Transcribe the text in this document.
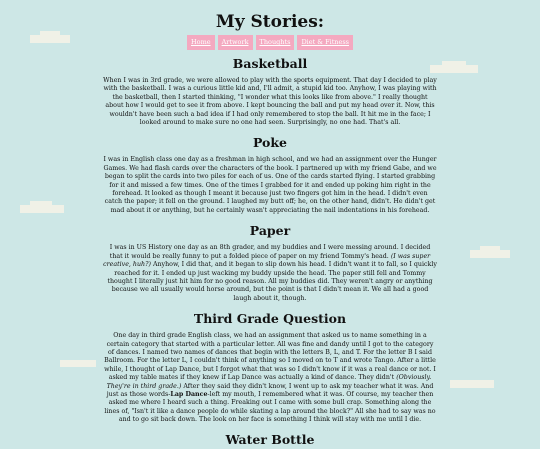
My Stories:
Home	Artwork	Thoughts	Diet & Fitness
Basketball

When I was in 3rd grade, we were allowed to play with the sports equipment. That day I decided to play with the basketball. I was a curious little kid and, I'll admit, a stupid kid too. Anyhow, I was playing with the basketball, then I started thinking, "I wonder what this looks like from above." I really thought about how I would get to see it from above. I kept bouncing the ball and put my head over it. Now, this wouldn't have been such a bad idea if I had only remembered to stop the ball. It hit me in the face; I looked around to make sure no one had seen. Surprisingly, no one had. That's all.

Poke

I was in English class one day as a freshman in high school, and we had an assignment over the Hunger Games. We had flash cards over the characters of the book. I partnered up with my friend Gabe, and we began to split the cards into two piles for each of us. One of the cards started flying. I started grabbing for it and missed a few times. One of the times I grabbed for it and ended up poking him right in the forehead. It looked as though I meant it because just two fingers got him in the head. I didn't even catch the paper; it fell on the ground. I laughed my butt off; he, on the other hand, didn't. He didn't get mad about it or anything, but he certainly wasn't appreciating the nail indentations in his forehead.

Paper

I was in US History one day as an 8th grader, and my buddies and I were messing around. I decided that it would be really funny to put a folded piece of paper on my friend Tommy's head. (I was super creative, huh?) Anyhow, I did that, and it began to slip down his head. I didn't want it to fall, so I quickly reached for it. I ended up just wacking my buddy upside the head. The paper still fell and Tommy thought I literally just hit him for no good reason. All my buddies did. They weren't angry or anything because we all usually would horse around, but the point is that I didn't mean it. We all had a good laugh about it, though.

Third Grade Question

One day in third grade English class, we had an assignment that asked us to name something in a certain category that started with a particular letter. All was fine and dandy until I got to the category of dances. I named two names of dances that begin with the letters B, L, and T. For the letter B I said Ballroom. For the letter L, I couldn't think of anything so I moved on to T and wrote Tango. After a little while, I thought of Lap Dance, but I forgot what that was so I didn't know if it was a real dance or not. I asked my table mates if they knew if Lap Dance was actually a kind of dance. They didn't (Obviously. They're in third grade.) After they said they didn't know, I went up to ask my teacher what it was. And just as those words-Lap Dance-left my mouth, I remembered what it was. Of course, my teacher then asked me where I heard such a thing. Freaking out I came with some bull crap. Something along the lines of, "Isn't it like a dance people do while skating a lap around the block?" All she had to say was no and to go sit back down. The look on her face is something I think will stay with me until I die.

Water Bottle
